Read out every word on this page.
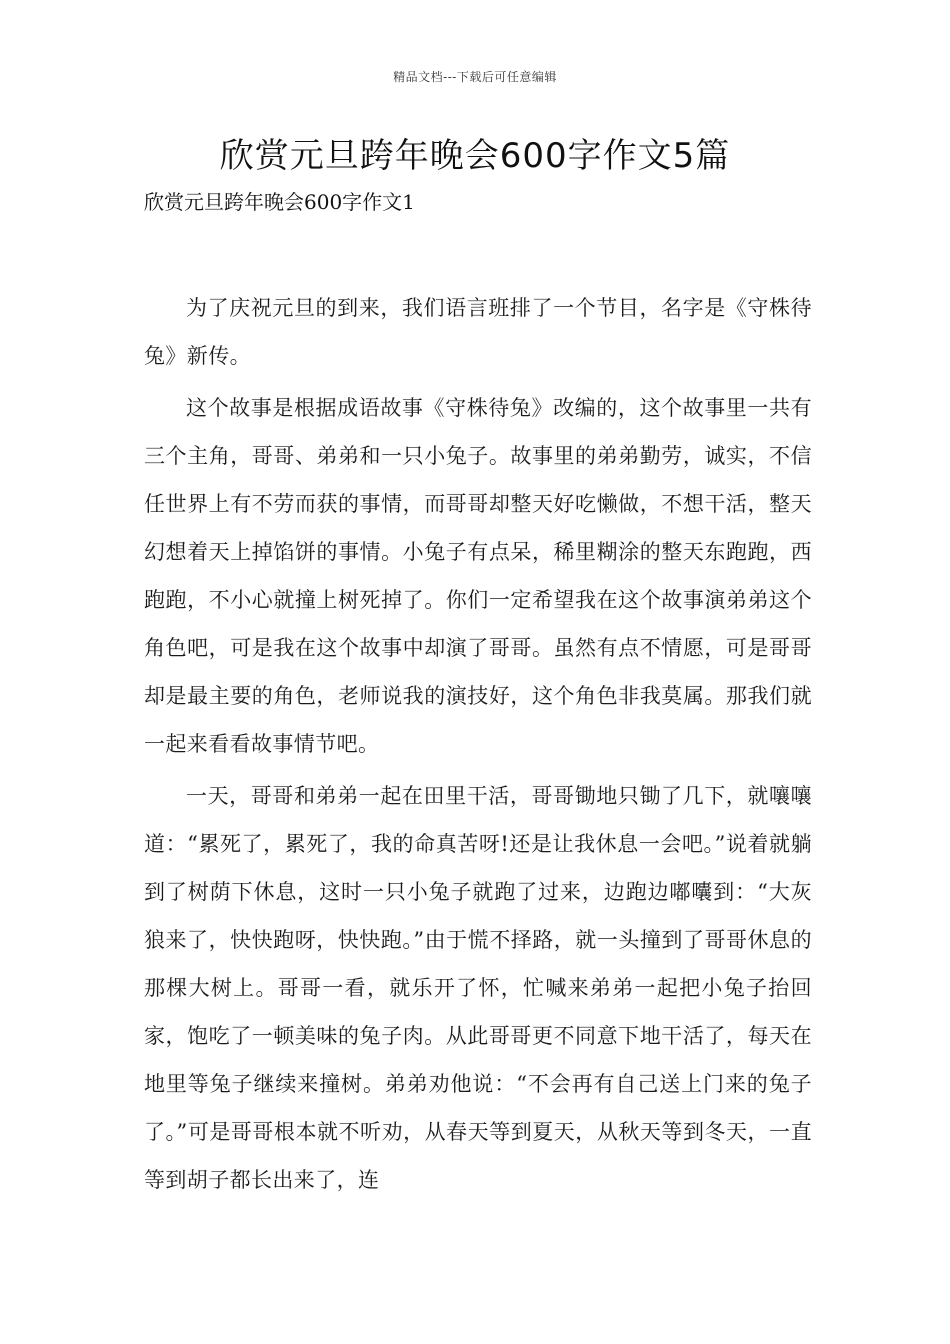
精品文档---下载后可任意编辑
欣赏元旦跨年晚会600字作文5篇
欣赏元旦跨年晚会600字作文1

为了庆祝元旦的到来，我们语言班排了一个节目，名字是《守株待兔》新传。

这个故事是根据成语故事《守株待兔》改编的，这个故事里一共有三个主角，哥哥、弟弟和一只小兔子。故事里的弟弟勤劳，诚实，不信任世界上有不劳而获的事情，而哥哥却整天好吃懒做，不想干活，整天幻想着天上掉馅饼的事情。小兔子有点呆，稀里糊涂的整天东跑跑，西跑跑，不小心就撞上树死掉了。你们一定希望我在这个故事演弟弟这个角色吧，可是我在这个故事中却演了哥哥。虽然有点不情愿，可是哥哥却是最主要的角色，老师说我的演技好，这个角色非我莫属。那我们就一起来看看故事情节吧。

一天，哥哥和弟弟一起在田里干活，哥哥锄地只锄了几下，就嚷嚷道：“累死了，累死了，我的命真苦呀!还是让我休息一会吧。”说着就躺到了树荫下休息，这时一只小兔子就跑了过来，边跑边嘟囔到：“大灰狼来了，快快跑呀，快快跑。”由于慌不择路，就一头撞到了哥哥休息的那棵大树上。哥哥一看，就乐开了怀，忙喊来弟弟一起把小兔子抬回家，饱吃了一顿美味的兔子肉。从此哥哥更不同意下地干活了，每天在地里等兔子继续来撞树。弟弟劝他说：“不会再有自己送上门来的兔子了。”可是哥哥根本就不听劝，从春天等到夏天，从秋天等到冬天，一直等到胡子都长出来了，连
